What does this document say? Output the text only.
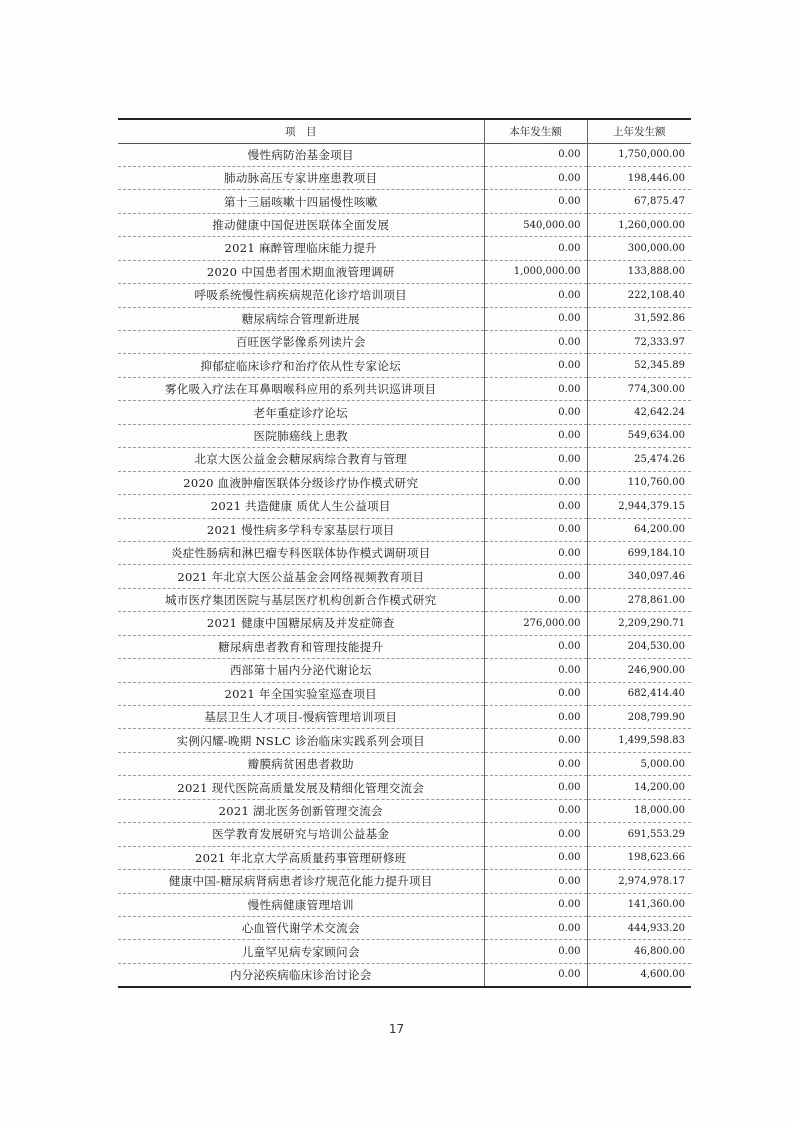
项　目	本年发生额	上年发生额
慢性病防治基金项目	0.00	1,750,000.00
肺动脉高压专家讲座患教项目	0.00	198,446.00
第十三届咳嗽十四届慢性咳嗽	0.00	67,875.47
推动健康中国促进医联体全面发展	540,000.00	1,260,000.00
2021 麻醉管理临床能力提升	0.00	300,000.00
2020 中国患者围术期血液管理调研	1,000,000.00	133,888.00
呼吸系统慢性病疾病规范化诊疗培训项目	0.00	222,108.40
糖尿病综合管理新进展	0.00	31,592.86
百旺医学影像系列读片会	0.00	72,333.97
抑郁症临床诊疗和治疗依从性专家论坛	0.00	52,345.89
雾化吸入疗法在耳鼻咽喉科应用的系列共识巡讲项目	0.00	774,300.00
老年重症诊疗论坛	0.00	42,642.24
医院肺癌线上患教	0.00	549,634.00
北京大医公益金会糖尿病综合教育与管理	0.00	25,474.26
2020 血液肿瘤医联体分级诊疗协作模式研究	0.00	110,760.00
2021 共造健康 质优人生公益项目	0.00	2,944,379.15
2021 慢性病多学科专家基层行项目	0.00	64,200.00
炎症性肠病和淋巴瘤专科医联体协作模式调研项目	0.00	699,184.10
2021 年北京大医公益基金会网络视频教育项目	0.00	340,097.46
城市医疗集团医院与基层医疗机构创新合作模式研究	0.00	278,861.00
2021 健康中国糖尿病及并发症筛查	276,000.00	2,209,290.71
糖尿病患者教育和管理技能提升	0.00	204,530.00
西部第十届内分泌代谢论坛	0.00	246,900.00
2021 年全国实验室巡查项目	0.00	682,414.40
基层卫生人才项目-慢病管理培训项目	0.00	208,799.90
实例闪耀-晚期 NSLC 诊治临床实践系列会项目	0.00	1,499,598.83
瓣膜病贫困患者救助	0.00	5,000.00
2021 现代医院高质量发展及精细化管理交流会	0.00	14,200.00
2021 湖北医务创新管理交流会	0.00	18,000.00
医学教育发展研究与培训公益基金	0.00	691,553.29
2021 年北京大学高质量药事管理研修班	0.00	198,623.66
健康中国-糖尿病肾病患者诊疗规范化能力提升项目	0.00	2,974,978.17
慢性病健康管理培训	0.00	141,360.00
心血管代谢学术交流会	0.00	444,933.20
儿童罕见病专家顾问会	0.00	46,800.00
内分泌疾病临床诊治讨论会	0.00	4,600.00
17
